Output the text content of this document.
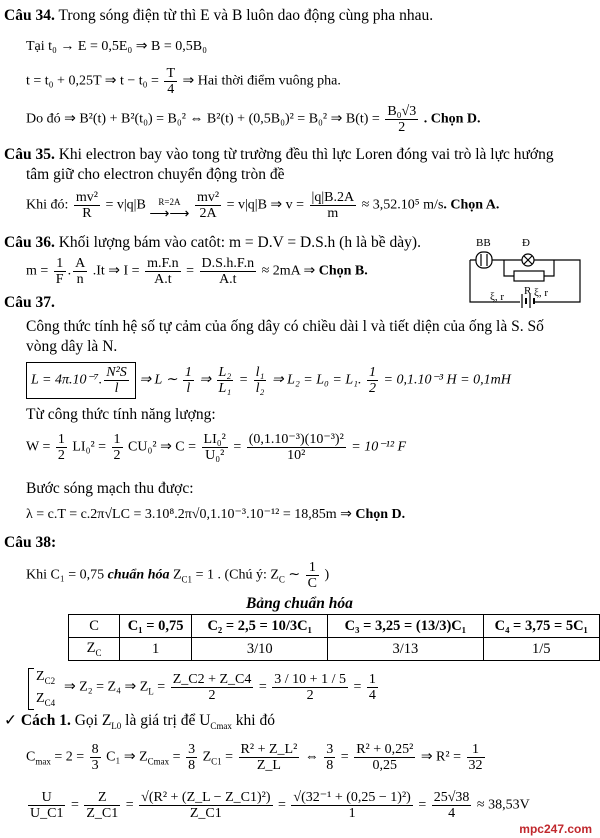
Câu 34. Trong sóng điện từ thì E và B luôn dao động cùng pha nhau.
Tại t₀ → E = 0,5E₀ ⇒ B = 0,5B₀
t = t₀ + 0,25T ⇒ $t - t_0 = \frac{T}{4}$ ⇒ Hai thời điểm vuông pha.
Do đó ⇒ B²(t) + B²(t₀) = B₀² ⇔ B²(t) + (0,5B₀)² = B₀² ⇒ $B(t) = \frac{\text{B₀√3}}{2}$ . Chọn D.
Câu 35. Khi electron bay vào tong từ trường đều thì lực Loren đóng vai trò là lực hướng
tâm giữ cho electron chuyển động tròn đề
Khi đó: $\frac{\text{mv²}}{R} = v|q|B$	R=2A
⟶⟶
$\frac{\text{mv²}}{2A} = v|q|B$ ⇒ $v = \frac{|q|B.2A}{m} \approx 3,52.10^5$ m/s. Chọn A.
Câu 36. Khối lượng bám vào catôt: m = D.V = D.S.h (h là bề dày).
$m = \frac{1}{F}$ . $\frac{A}{n} .It$ ⇒ $I = \frac{m.F.n}{A.t} = \frac{D.S.h.F.n}{A.t} \approx 2mA$ ⇒ Chọn B.
BB	Đ
R
ξ, r	ξ, r
Câu 37.
Công thức tính hệ số tự cảm của ống dây có chiều dài l và tiết diện của ống là S. Số
vòng dây là N.
L = 4π.10⁻⁷. $\frac{\text{N²S}}{l}$ ⇒ L ∼ $\frac{1}{l}$ ⇒ $\frac{\text{L₂}}{\text{L₁}} = \frac{\text{l₁}}{\text{l₂}}$ ⇒ L₂ = L₀ = L₁. $\frac{1}{2} = 0,1.10^{-3}$ H = 0,1mH
Từ công thức tính năng lượng:
$W = \frac{1}{2} LI_0^2 = \frac{1}{2} CU_0^2$ ⇒ $C = \frac{\text{LI₀²}}{\text{U₀²}} = \frac{\text{(0,1.10⁻³)(10⁻³)²}}{\text{10²}} = 10^{-12}$ F
Bước sóng mạch thu được:
λ = c.T = c.2π√LC = 3.10⁸.2π√0,1.10⁻³.10⁻¹² = 18,85m ⇒ Chọn D.
Câu 38:
Khi C₁ = 0,75 chuẩn hóa $Z_{C1} = 1$ . (Chú ý: $Z_C$ ∼ $\frac{1}{C}$ )
Bảng chuẩn hóa
C	C₁ = 0,75	C₂ = 2,5 = 10/3C₁	C₃ = 3,25 = (13/3)C₁	C₄ = 3,75 = 5C₁
$Z_C$	1	3/10	3/13	1/5
$Z_{C2}$
$Z_{C4}$
⇒ Z₂ = Z₄ ⇒ $Z_L = \frac{Z\_C2 + Z\_C4}{2} = \frac{3 / 10 + 1 / 5}{2} = \frac{1}{4}$
✓ Cách 1. Gọi $Z_{L0}$ là giá trị để $U_{Cmax}$ khi đó
$C_{max} = 2 = \frac{8}{3} C_1$ ⇒ $Z_{Cmax} = \frac{3}{8} Z_{C1} = \frac{\text{R² + Z\_L²}}{Z\_L}$ ⇔ $\frac{3}{8} = \frac{\text{R² + 0,25²}}{0,25}$ ⇒ $R^2 = \frac{1}{32}$
$\frac{U}{U\_C1} = \frac{Z}{Z\_C1} = \frac{\text{√(R² + (Z\_L − Z\_C1)²)}}{Z\_C1} = \frac{\text{√(32⁻¹ + (0,25 − 1)²)}}{1} = \frac{25√38}{4} \approx 38,53V$
mpc247.com
